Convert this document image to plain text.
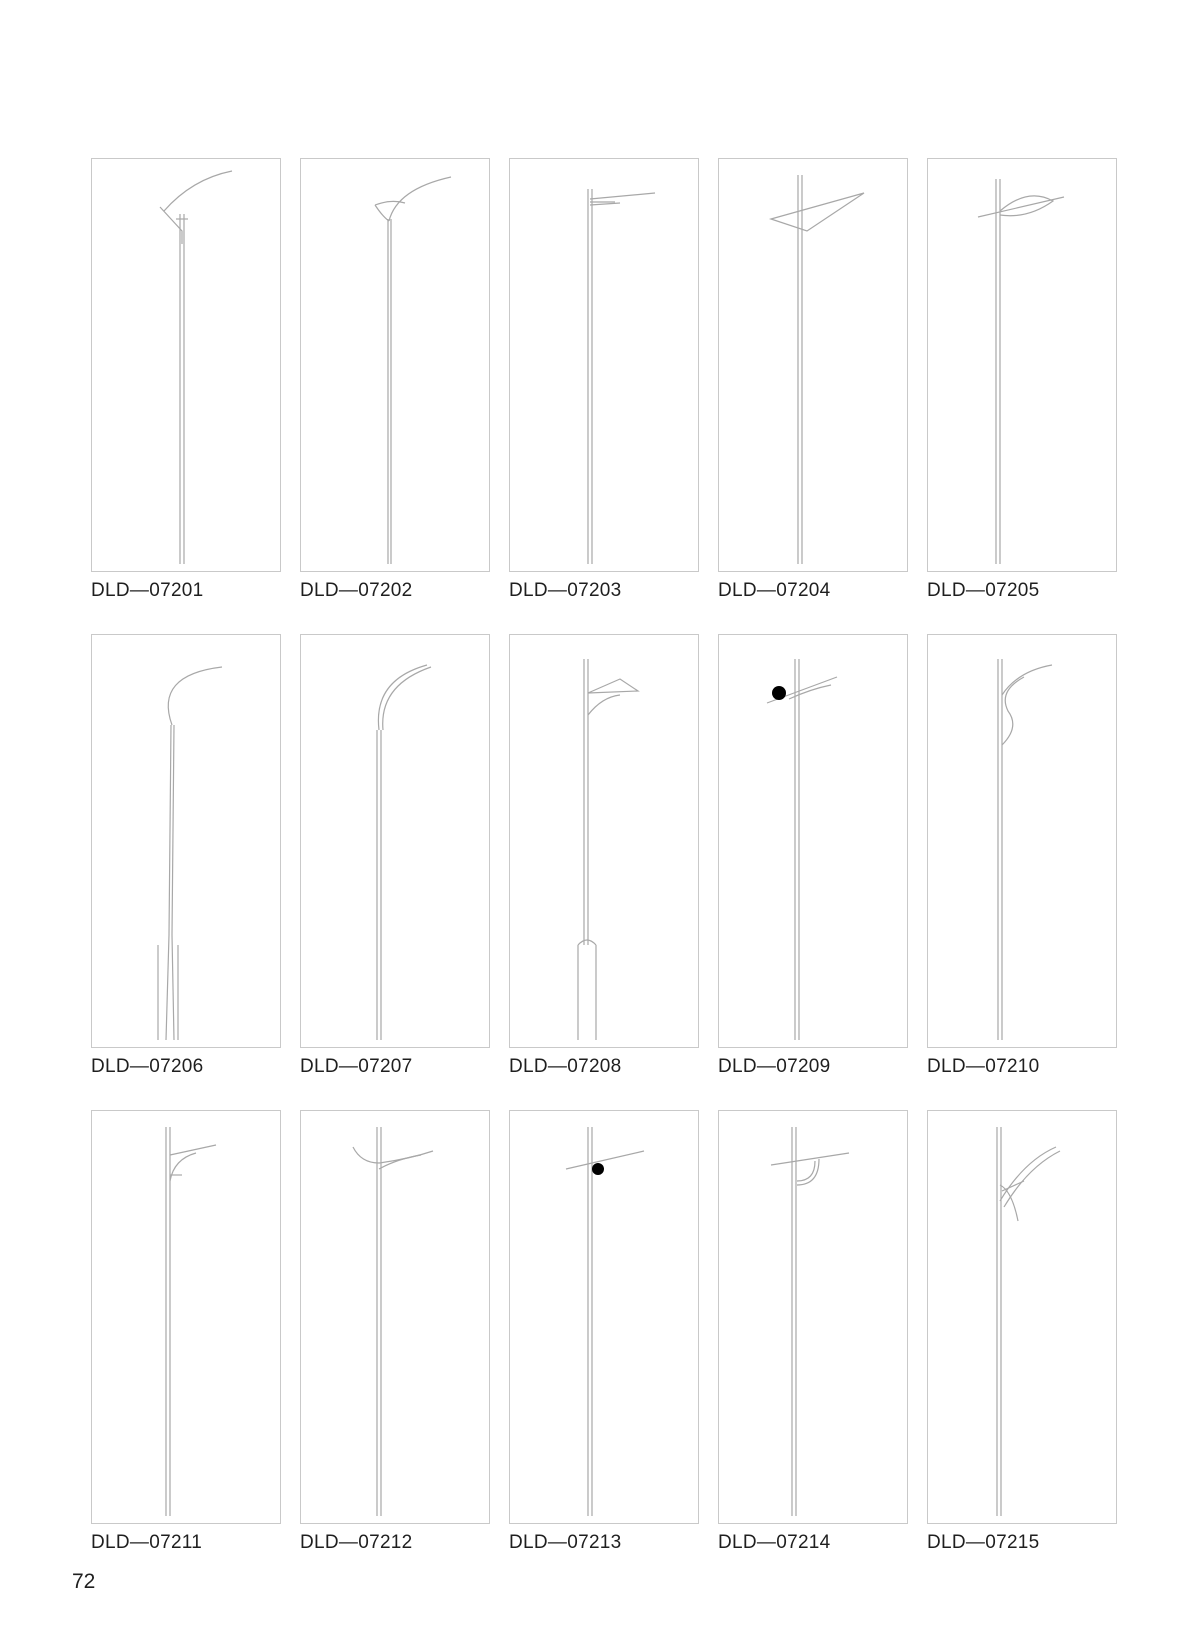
DLD—07201	DLD—07202	DLD—07203	DLD—07204	DLD—07205
DLD—07206	DLD—07207	DLD—07208	DLD—07209	DLD—07210
DLD—07211	DLD—07212	DLD—07213	DLD—07214	DLD—07215
72
